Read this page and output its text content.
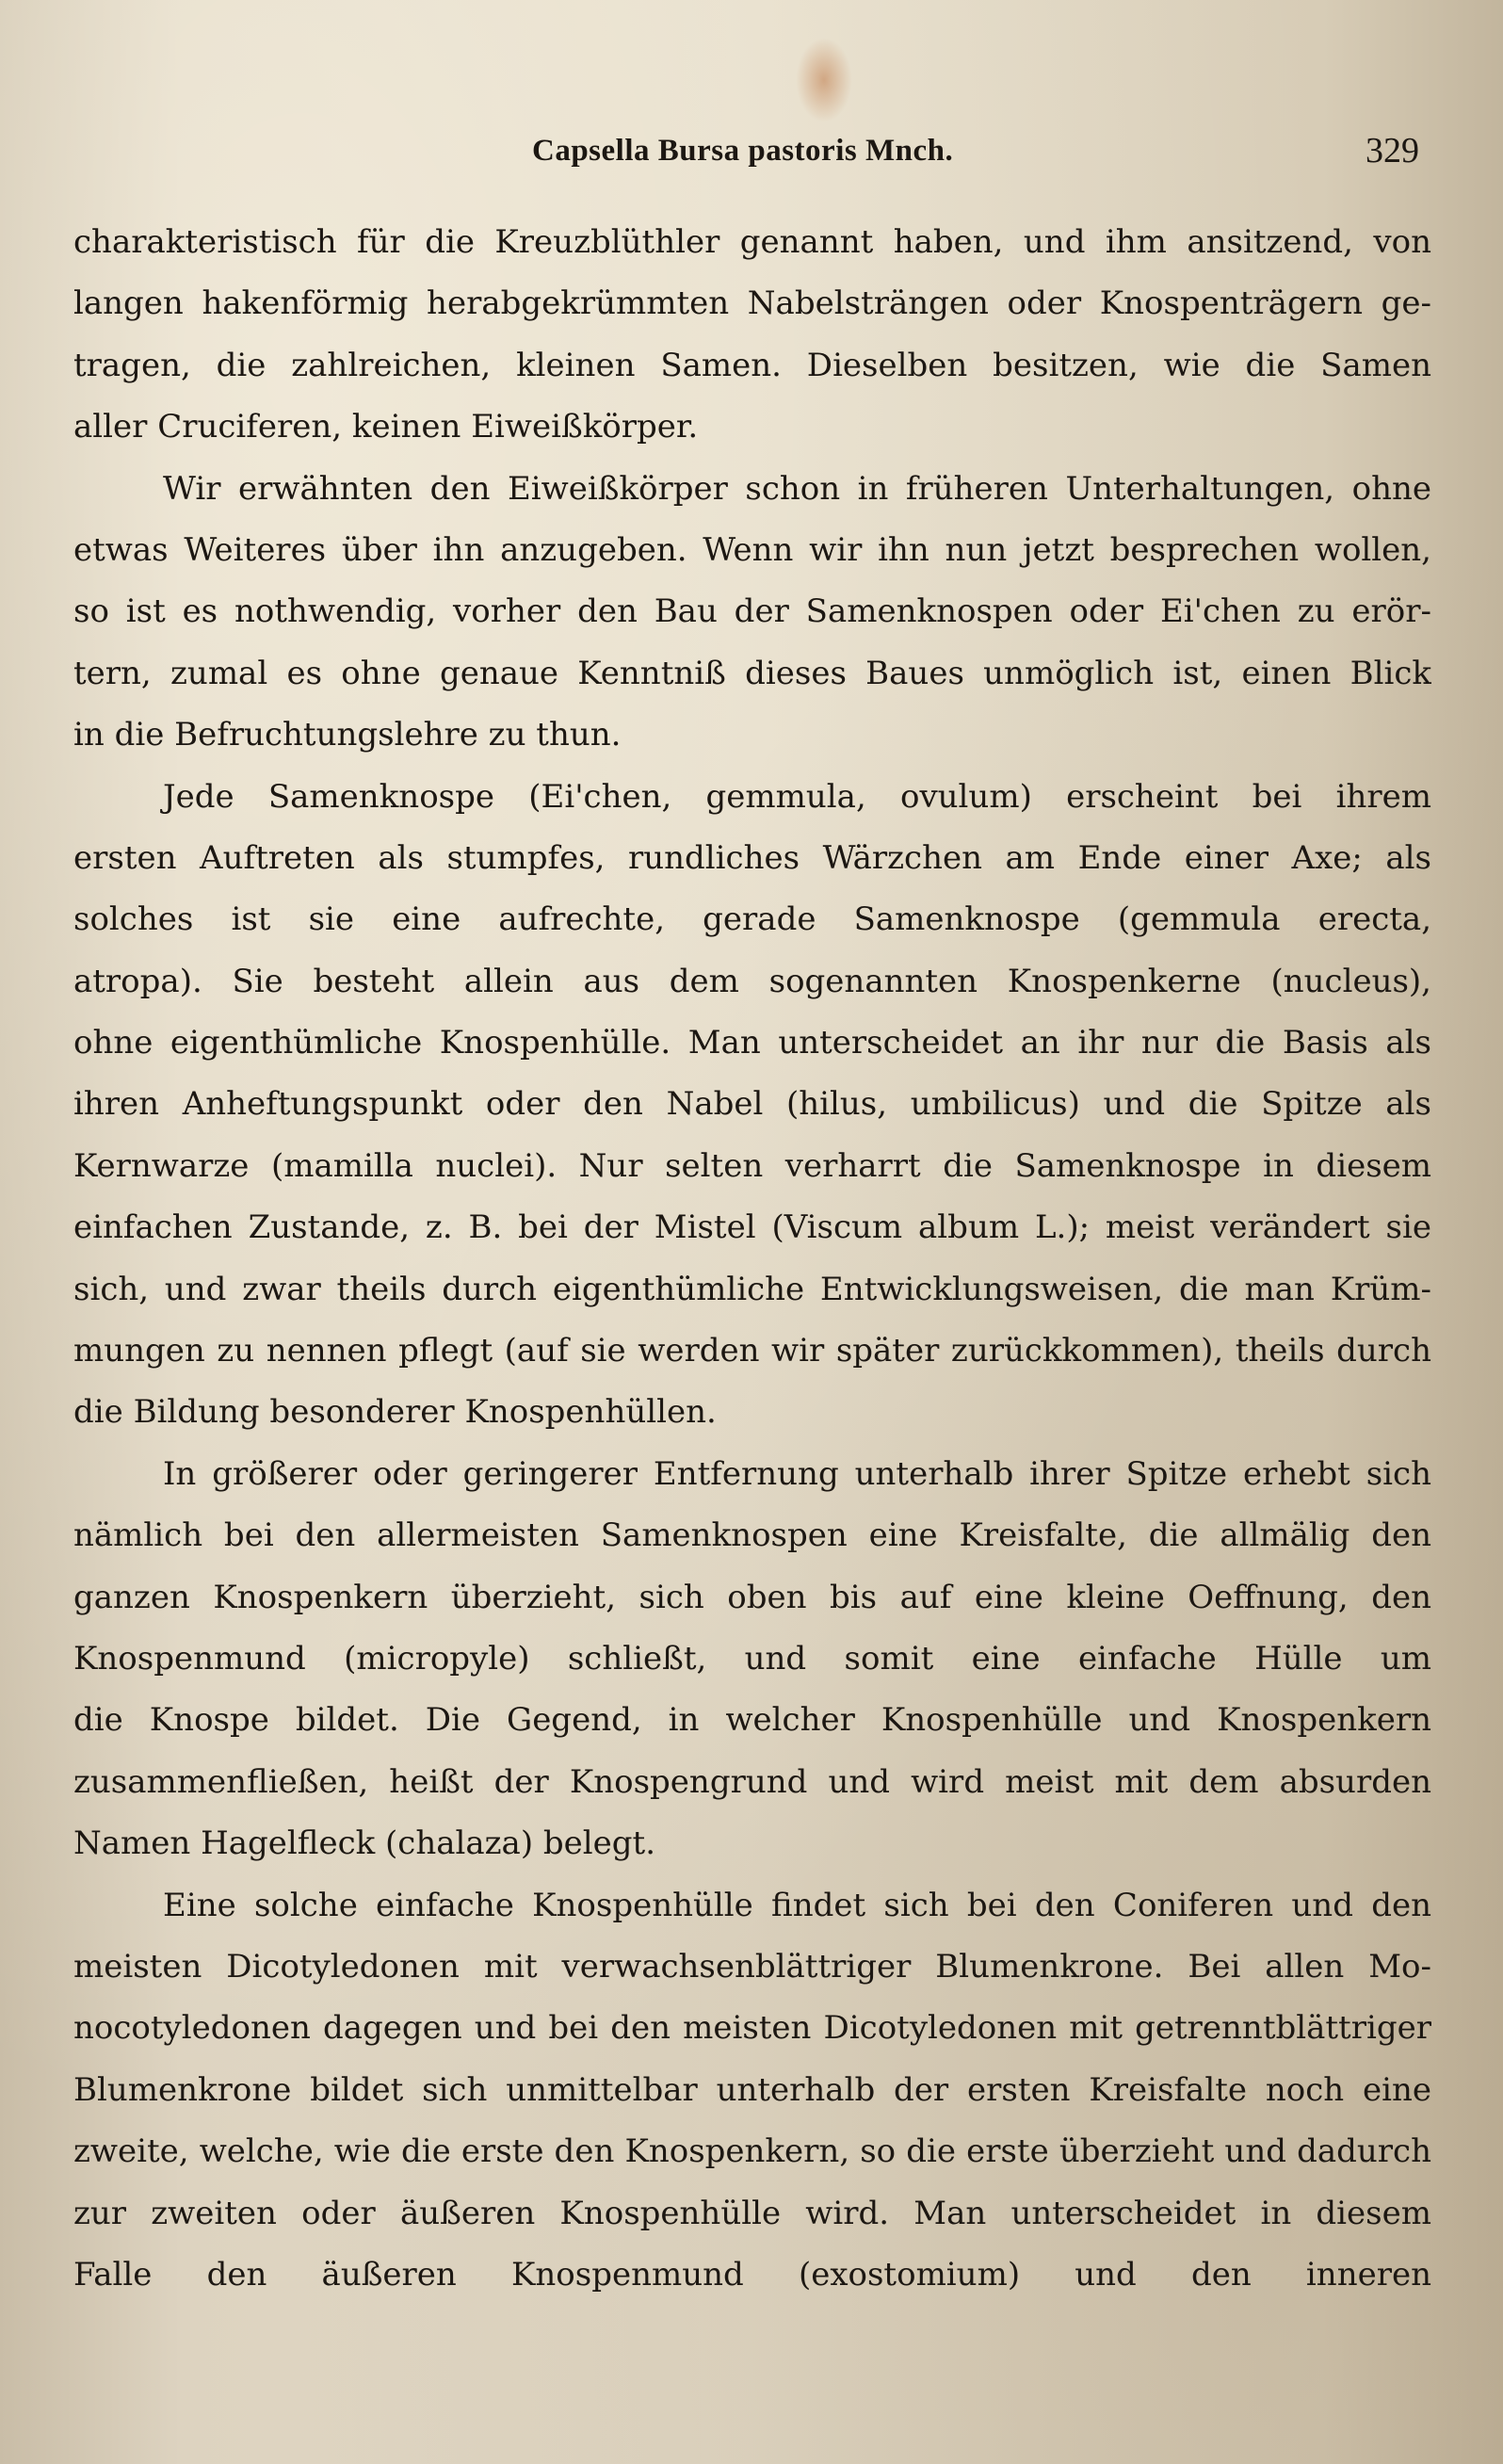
Capsella Bursa pastoris Mnch.	329

charakteristisch für die Kreuzblüthler genannt haben, und ihm ansitzend, von
langen hakenförmig herabgekrümmten Nabelsträngen oder Knospenträgern ge-
tragen, die zahlreichen, kleinen Samen. Dieselben besitzen, wie die Samen
aller Cruciferen, keinen Eiweißkörper.

Wir erwähnten den Eiweißkörper schon in früheren Unterhaltungen, ohne
etwas Weiteres über ihn anzugeben. Wenn wir ihn nun jetzt besprechen wollen,
so ist es nothwendig, vorher den Bau der Samenknospen oder Ei'chen zu erör-
tern, zumal es ohne genaue Kenntniß dieses Baues unmöglich ist, einen Blick
in die Befruchtungslehre zu thun.

Jede Samenknospe (Ei'chen, gemmula, ovulum) erscheint bei ihrem
ersten Auftreten als stumpfes, rundliches Wärzchen am Ende einer Axe; als
solches ist sie eine aufrechte, gerade Samenknospe (gemmula erecta,
atropa). Sie besteht allein aus dem sogenannten Knospenkerne (nucleus),
ohne eigenthümliche Knospenhülle. Man unterscheidet an ihr nur die Basis als
ihren Anheftungspunkt oder den Nabel (hilus, umbilicus) und die Spitze als
Kernwarze (mamilla nuclei). Nur selten verharrt die Samenknospe in diesem
einfachen Zustande, z. B. bei der Mistel (Viscum album L.); meist verändert sie
sich, und zwar theils durch eigenthümliche Entwicklungsweisen, die man Krüm-
mungen zu nennen pflegt (auf sie werden wir später zurückkommen), theils durch
die Bildung besonderer Knospenhüllen.

In größerer oder geringerer Entfernung unterhalb ihrer Spitze erhebt sich
nämlich bei den allermeisten Samenknospen eine Kreisfalte, die allmälig den
ganzen Knospenkern überzieht, sich oben bis auf eine kleine Oeffnung, den
Knospenmund (micropyle) schließt, und somit eine einfache Hülle um
die Knospe bildet. Die Gegend, in welcher Knospenhülle und Knospenkern
zusammenfließen, heißt der Knospengrund und wird meist mit dem absurden
Namen Hagelfleck (chalaza) belegt.

Eine solche einfache Knospenhülle findet sich bei den Coniferen und den
meisten Dicotyledonen mit verwachsenblättriger Blumenkrone. Bei allen Mo-
nocotyledonen dagegen und bei den meisten Dicotyledonen mit getrenntblättriger
Blumenkrone bildet sich unmittelbar unterhalb der ersten Kreisfalte noch eine
zweite, welche, wie die erste den Knospenkern, so die erste überzieht und dadurch
zur zweiten oder äußeren Knospenhülle wird. Man unterscheidet in diesem
Falle den äußeren Knospenmund (exostomium) und den inneren
